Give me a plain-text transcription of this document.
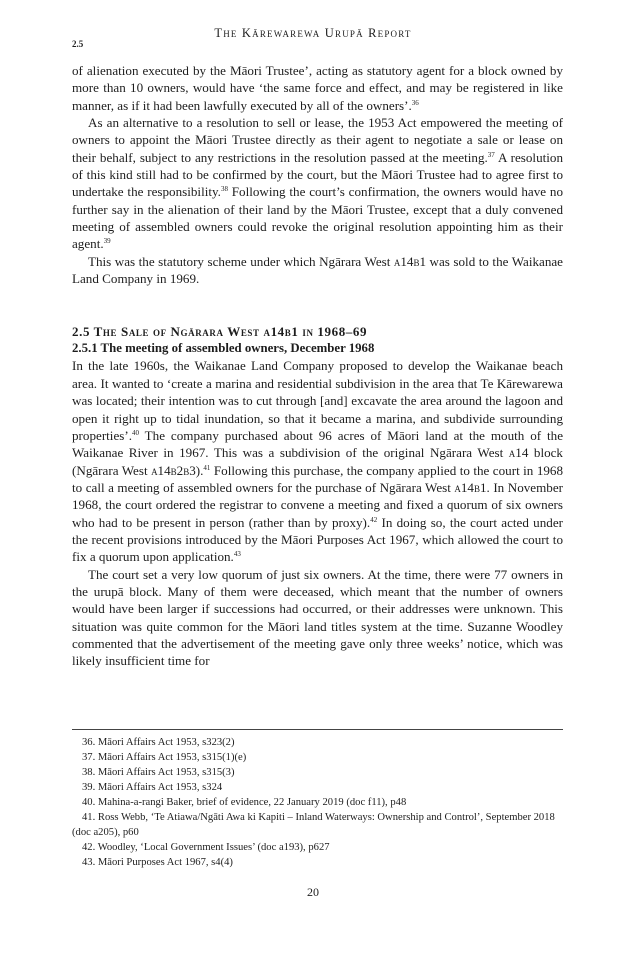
The Kārewarewa Urupā Report
2.5

of alienation executed by the Māori Trustee’, acting as statutory agent for a block owned by more than 10 owners, would have ‘the same force and effect, and may be registered in like manner, as if it had been lawfully executed by all of the owners’.$^{36}$

As an alternative to a resolution to sell or lease, the 1953 Act empowered the meeting of owners to appoint the Māori Trustee directly as their agent to negotiate a sale or lease on their behalf, subject to any restrictions in the resolution passed at the meeting.$^{37}$ A resolution of this kind still had to be confirmed by the court, but the Māori Trustee had to agree first to undertake the responsibility.$^{38}$ Following the court’s confirmation, the owners would have no further say in the alienation of their land by the Māori Trustee, except that a duly convened meeting of assembled owners could revoke the original resolution appointing him as their agent.$^{39}$

This was the statutory scheme under which Ngārara West a14b1 was sold to the Waikanae Land Company in 1969.

2.5 The Sale of Ngārara West a14b1 in 1968–69
2.5.1 The meeting of assembled owners, December 1968

In the late 1960s, the Waikanae Land Company proposed to develop the Waikanae beach area. It wanted to ‘create a marina and residential subdivision in the area that Te Kārewarewa was located; their intention was to cut through [and] excavate the area around the lagoon and open it right up to tidal inundation, so that it became a marina, and subdivide surrounding properties’.$^{40}$ The company purchased about 96 acres of Māori land at the mouth of the Waikanae River in 1967. This was a subdivision of the original Ngārara West a14 block (Ngārara West a14b2b3).$^{41}$ Following this purchase, the company applied to the court in 1968 to call a meeting of assembled owners for the purchase of Ngārara West a14b1. In November 1968, the court ordered the registrar to convene a meeting and fixed a quorum of six owners who had to be present in person (rather than by proxy).$^{42}$ In doing so, the court acted under the recent provisions introduced by the Māori Purposes Act 1967, which allowed the court to fix a quorum upon application.$^{43}$

The court set a very low quorum of just six owners. At the time, there were 77 owners in the urupā block. Many of them were deceased, which meant that the number of owners would have been larger if successions had occurred, or their addresses were unknown. This situation was quite common for the Māori land titles system at the time. Suzanne Woodley commented that the advertisement of the meeting gave only three weeks’ notice, which was likely insufficient time for

36. Māori Affairs Act 1953, s323(2)

37. Māori Affairs Act 1953, s315(1)(e)

38. Māori Affairs Act 1953, s315(3)

39. Māori Affairs Act 1953, s324

40. Mahina-a-rangi Baker, brief of evidence, 22 January 2019 (doc f11), p48

41. Ross Webb, ‘Te Atiawa/Ngāti Awa ki Kapiti – Inland Waterways: Ownership and Control’, September 2018 (doc a205), p60

42. Woodley, ‘Local Government Issues’ (doc a193), p627

43. Māori Purposes Act 1967, s4(4)

20
